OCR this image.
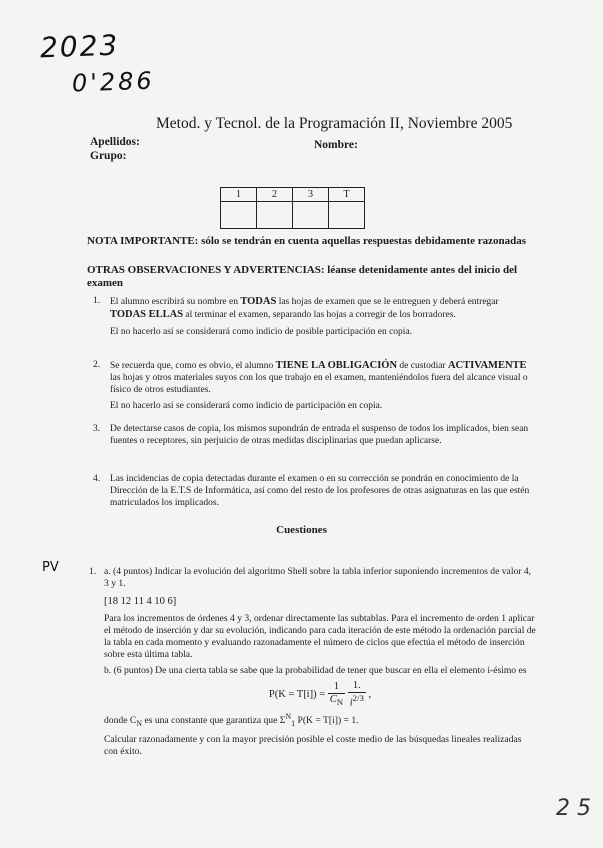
2023
0'286
Metod. y Tecnol. de la Programación II, Noviembre 2005
Apellidos:
Grupo:
Nombre:
1	2	3	T

NOTA IMPORTANTE: sólo se tendrán en cuenta aquellas respuestas debidamente razonadas
OTRAS OBSERVACIONES Y ADVERTENCIAS: léanse detenidamente antes del inicio del examen
1. El alumno escribirá su nombre en TODAS las hojas de examen que se le entreguen y deberá entregar TODAS ELLAS al terminar el examen, separando las hojas a corregir de los borradores.
El no hacerlo así se considerará como indicio de posible participación en copia.
2. Se recuerda que, como es obvio, el alumno TIENE LA OBLIGACIÓN de custodiar ACTIVAMENTE las hojas y otros materiales suyos con los que trabajo en el examen, manteniéndolos fuera del alcance visual o físico de otros estudiantes.
El no hacerlo así se considerará como indicio de participación en copia.
3. De detectarse casos de copia, los mismos supondrán de entrada el suspenso de todos los implicados, bien sean fuentes o receptores, sin perjuicio de otras medidas disciplinarias que puedan aplicarse.
4. Las incidencias de copia detectadas durante el examen o en su corrección se pondrán en conocimiento de la Dirección de la E.T.S de Informática, así como del resto de los profesores de otras asignaturas en las que estén matriculados los implicados.
Cuestiones
PV	1. a. (4 puntos) Indicar la evolución del algoritmo Shell sobre la tabla inferior suponiendo incrementos de valor 4, 3 y 1.
[18 12 11 4 10 6]
Para los incrementos de órdenes 4 y 3, ordenar directamente las subtablas. Para el incremento de orden 1 aplicar el método de inserción y dar su evolución, indicando para cada iteración de este método la ordenación parcial de la tabla en cada momento y evaluando razonadamente el número de ciclos que efectúa el método de inserción sobre esta última tabla.
b. (6 puntos) De una cierta tabla se sabe que la probabilidad de tener que buscar en ella el elemento i-ésimo es
$P(K = T[i]) = \frac{1}{C_N}$
$\frac{1.}{i^{2/3}}$ ,
donde $C_N$ es una constante que garantiza que $\Sigma^N_1$ P(K = T[i]) = 1.
Calcular razonadamente y con la mayor precisión posible el coste medio de las búsquedas lineales realizadas con éxito.
2 5
